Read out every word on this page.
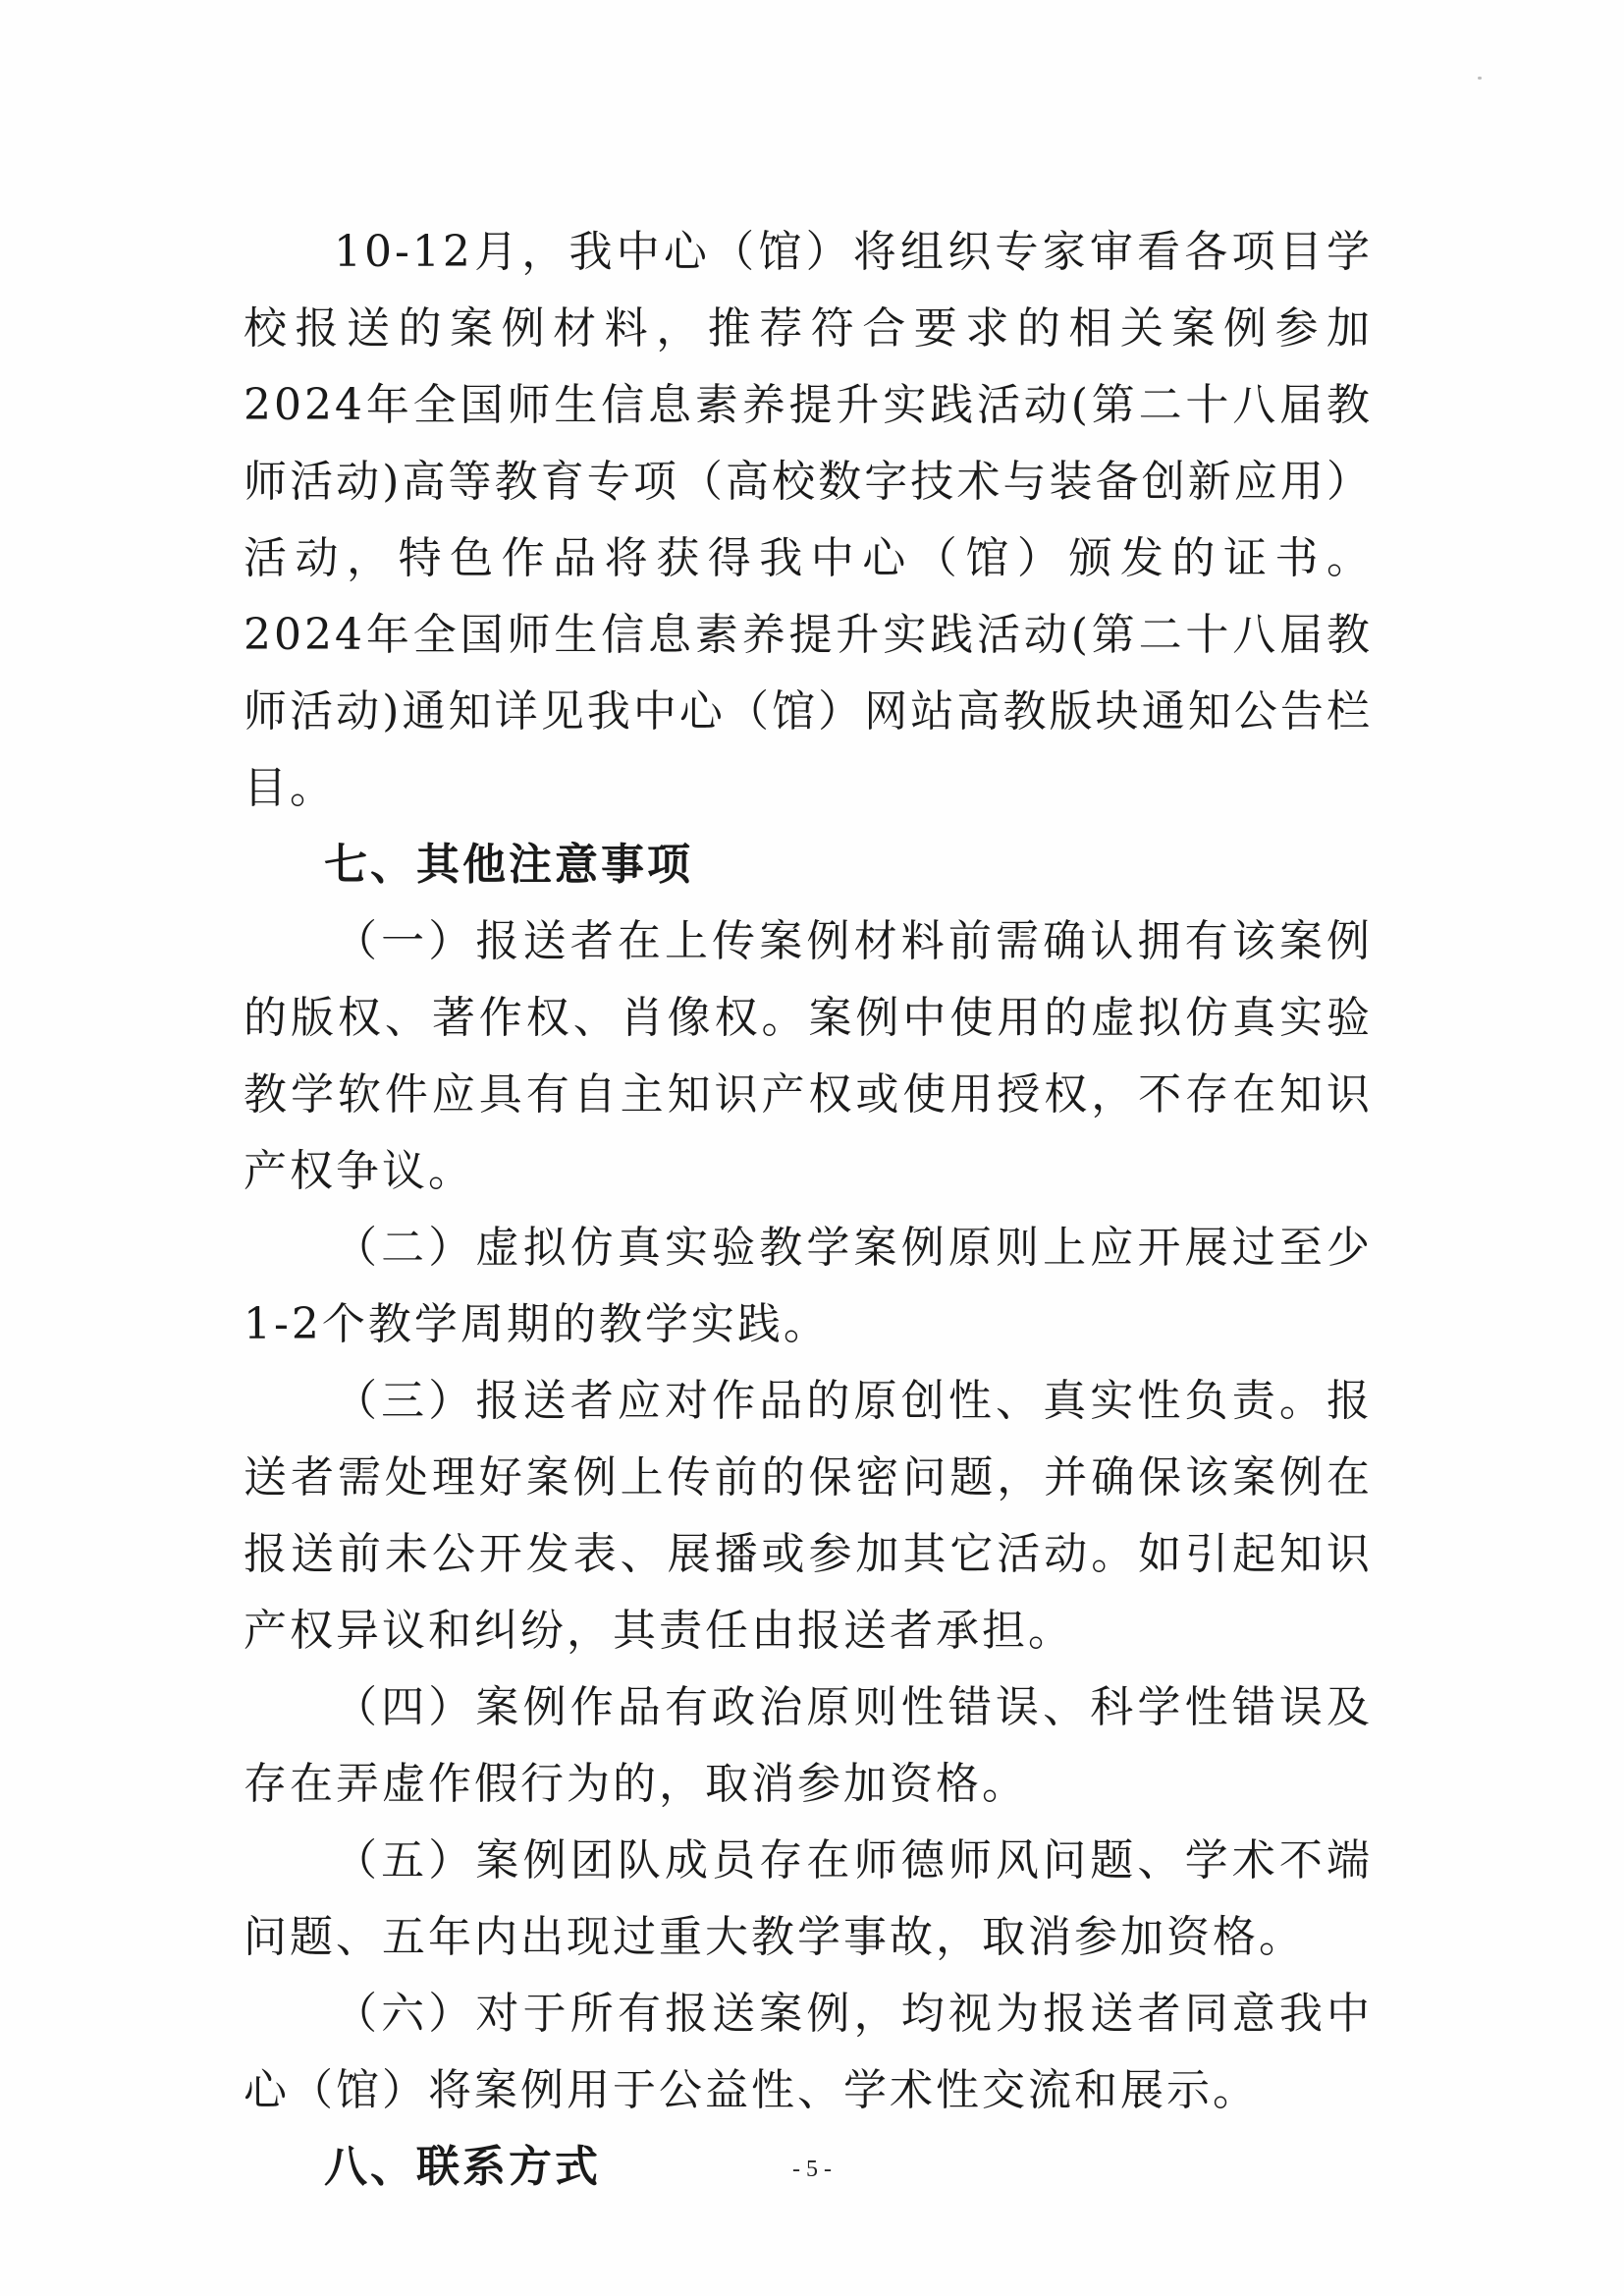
10-12月，我中心（馆）将组织专家审看各项目学校报送的案例材料，推荐符合要求的相关案例参加2024年全国师生信息素养提升实践活动(第二十八届教师活动)高等教育专项（高校数字技术与装备创新应用）活动，特色作品将获得我中心（馆）颁发的证书。2024年全国师生信息素养提升实践活动(第二十八届教师活动)通知详见我中心（馆）网站高教版块通知公告栏目。

七、其他注意事项

（一）报送者在上传案例材料前需确认拥有该案例的版权、著作权、肖像权。案例中使用的虚拟仿真实验教学软件应具有自主知识产权或使用授权，不存在知识产权争议。

（二）虚拟仿真实验教学案例原则上应开展过至少1-2个教学周期的教学实践。

（三）报送者应对作品的原创性、真实性负责。报送者需处理好案例上传前的保密问题，并确保该案例在报送前未公开发表、展播或参加其它活动。如引起知识产权异议和纠纷，其责任由报送者承担。

（四）案例作品有政治原则性错误、科学性错误及存在弄虚作假行为的，取消参加资格。

（五）案例团队成员存在师德师风问题、学术不端问题、五年内出现过重大教学事故，取消参加资格。

（六）对于所有报送案例，均视为报送者同意我中心（馆）将案例用于公益性、学术性交流和展示。

八、联系方式	- 5 -
